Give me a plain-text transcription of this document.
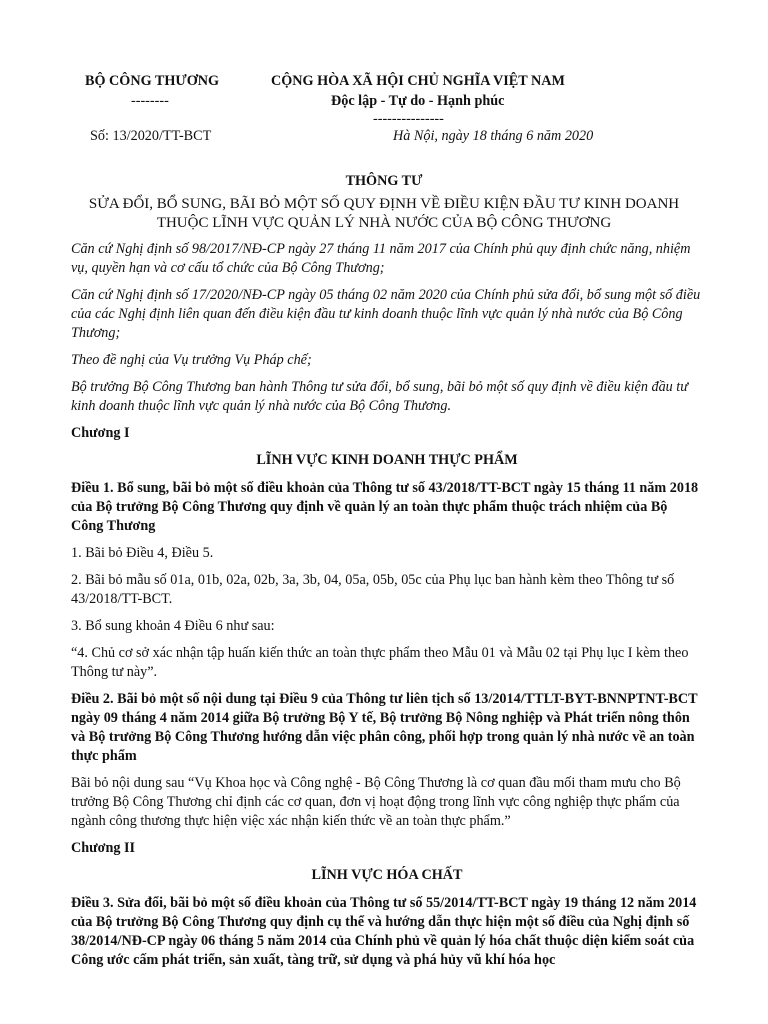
BỘ CÔNG THƯƠNG
--------
Số: 13/2020/TT-BCT
CỘNG HÒA XÃ HỘI CHỦ NGHĨA VIỆT NAM
Độc lập - Tự do - Hạnh phúc
---------------
Hà Nội, ngày 18 tháng 6 năm 2020
THÔNG TƯ
SỬA ĐỔI, BỔ SUNG, BÃI BỎ MỘT SỐ QUY ĐỊNH VỀ ĐIỀU KIỆN ĐẦU TƯ KINH DOANH
THUỘC LĨNH VỰC QUẢN LÝ NHÀ NƯỚC CỦA BỘ CÔNG THƯƠNG

Căn cứ Nghị định số 98/2017/NĐ-CP ngày 27 tháng 11 năm 2017 của Chính phủ quy định chức năng, nhiệm vụ, quyền hạn và cơ cấu tổ chức của Bộ Công Thương;

Căn cứ Nghị định số 17/2020/NĐ-CP ngày 05 tháng 02 năm 2020 của Chính phủ sửa đổi, bổ sung một số điều của các Nghị định liên quan đến điều kiện đầu tư kinh doanh thuộc lĩnh vực quản lý nhà nước của Bộ Công Thương;

Theo đề nghị của Vụ trưởng Vụ Pháp chế;

Bộ trưởng Bộ Công Thương ban hành Thông tư sửa đổi, bổ sung, bãi bỏ một số quy định về điều kiện đầu tư kinh doanh thuộc lĩnh vực quản lý nhà nước của Bộ Công Thương.

Chương I

LĨNH VỰC KINH DOANH THỰC PHẨM

Điều 1. Bổ sung, bãi bỏ một số điều khoản của Thông tư số 43/2018/TT-BCT ngày 15 tháng 11 năm 2018 của Bộ trưởng Bộ Công Thương quy định về quản lý an toàn thực phẩm thuộc trách nhiệm của Bộ Công Thương

1. Bãi bỏ Điều 4, Điều 5.

2. Bãi bỏ mẫu số 01a, 01b, 02a, 02b, 3a, 3b, 04, 05a, 05b, 05c của Phụ lục ban hành kèm theo Thông tư số 43/2018/TT-BCT.

3. Bổ sung khoản 4 Điều 6 như sau:

“4. Chủ cơ sở xác nhận tập huấn kiến thức an toàn thực phẩm theo Mẫu 01 và Mẫu 02 tại Phụ lục I kèm theo Thông tư này”.

Điều 2. Bãi bỏ một số nội dung tại Điều 9 của Thông tư liên tịch số 13/2014/TTLT-BYT-BNNPTNT-BCT ngày 09 tháng 4 năm 2014 giữa Bộ trưởng Bộ Y tế, Bộ trưởng Bộ Nông nghiệp và Phát triển nông thôn và Bộ trưởng Bộ Công Thương hướng dẫn việc phân công, phối hợp trong quản lý nhà nước về an toàn thực phẩm

Bãi bỏ nội dung sau “Vụ Khoa học và Công nghệ - Bộ Công Thương là cơ quan đầu mối tham mưu cho Bộ trưởng Bộ Công Thương chỉ định các cơ quan, đơn vị hoạt động trong lĩnh vực công nghiệp thực phẩm của ngành công thương thực hiện việc xác nhận kiến thức về an toàn thực phẩm.”

Chương II

LĨNH VỰC HÓA CHẤT

Điều 3. Sửa đổi, bãi bỏ một số điều khoản của Thông tư số 55/2014/TT-BCT ngày 19 tháng 12 năm 2014 của Bộ trưởng Bộ Công Thương quy định cụ thể và hướng dẫn thực hiện một số điều của Nghị định số 38/2014/NĐ-CP ngày 06 tháng 5 năm 2014 của Chính phủ về quản lý hóa chất thuộc diện kiểm soát của Công ước cấm phát triển, sản xuất, tàng trữ, sử dụng và phá hủy vũ khí hóa học
